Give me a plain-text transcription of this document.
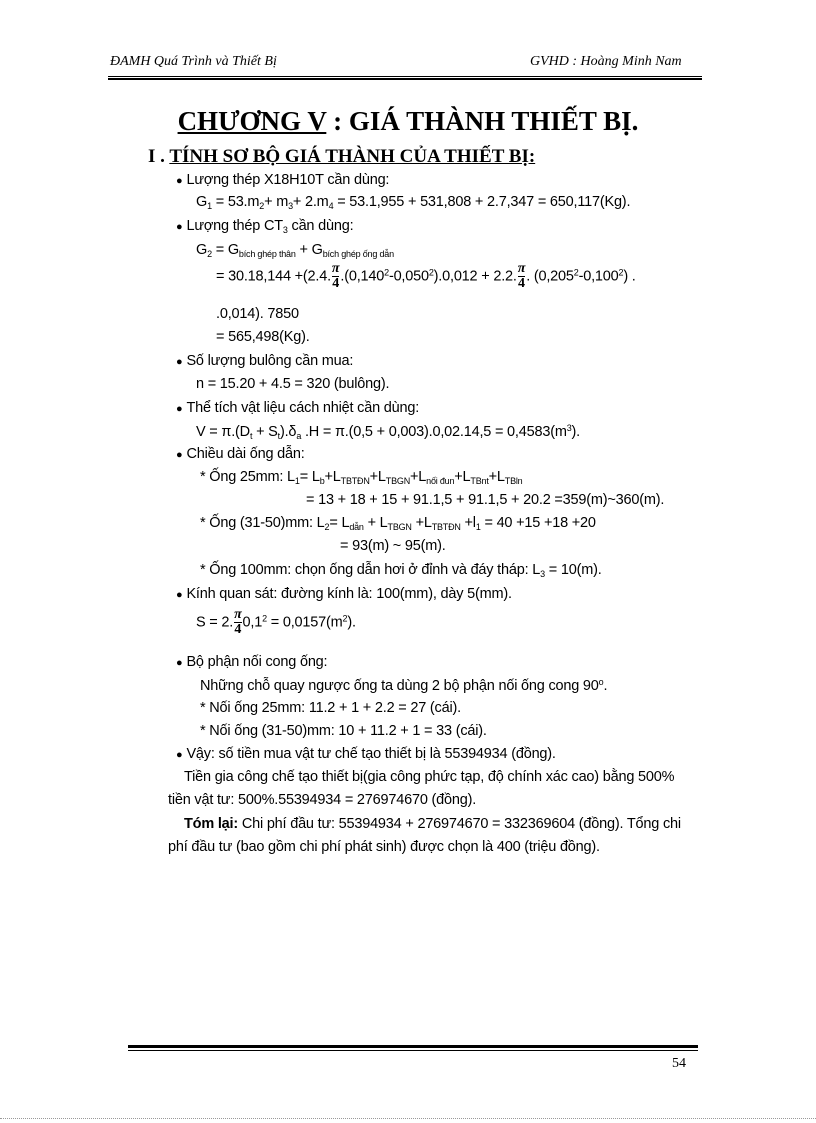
ĐAMH Quá Trình và Thiết Bị	GVHD : Hoàng Minh Nam
CHƯƠNG V : GIÁ THÀNH THIẾT BỊ.
I . TÍNH SƠ BỘ GIÁ THÀNH CỦA THIẾT BỊ:
● Lượng thép X18H10T cần dùng:
$G_1 = 53.m_2+ m_3+ 2.m_4 = 53.1,955 + 531,808 + 2.7,347 = 650,117(Kg)$.
● Lượng thép $CT_3$ cần dùng:
$G_2 = G_{bích ghép thân} + G_{bích ghép ống dẫn}$
= 30.18,144 +(2.4. $\frac{\pi}{4} .(0,140^2-0,050^2).0,012 + 2.2$. $\frac{\pi}{4}$ . (0,205$^2$-0,100$^2$) .
.0,014). 7850
= 565,498(Kg).
● Số lượng bulông cần mua:
n = 15.20 + 4.5 = 320 (bulông).
● Thể tích vật liệu cách nhiệt cần dùng:
$V = \pi.(D_t + S_t).\delta_a$ $.H = \pi.(0,5 + 0,003).0,02.14,5 = 0,4583(m^3)$.
● Chiều dài ống dẫn:
* Ống 25mm: $L_1= L_b+L_{TBTĐN}+L_{TBGN}+L_{nối đun}+L_{TBnt}+L_{TBln}$
= 13 + 18 + 15 + 91.1,5 + 91.1,5 + 20.2 =359(m)~360(m).
* Ống (31-50)mm: $L_2= L_{dẫn} + L_{TBGN} +L_{TBTĐN} +l_1 = 40 +15 +18 +20$
= 93(m) ~ 95(m).
* Ống 100mm: chọn ống dẫn hơi ở đỉnh và đáy tháp: $L_3 = 10(m)$.
● Kính quan sát: đường kính là: 100(mm), dày 5(mm).
S = 2. $\frac{\pi}{4} 0,1^2 = 0,0157(m^2)$.
● Bộ phận nối cong ống:
Những chỗ quay ngược ống ta dùng 2 bộ phận nối ống cong 90$^o$.
* Nối ống 25mm: 11.2 + 1 + 2.2 = 27 (cái).
* Nối ống (31-50)mm: 10 + 11.2 + 1 = 33 (cái).
● Vậy: số tiền mua vật tư chế tạo thiết bị là 55394934 (đồng).
Tiền gia công chế tạo thiết bị(gia công phức tạp, độ chính xác cao) bằng 500%
tiền vật tư: 500%.55394934 = 276974670 (đồng).
Tóm lại: Chi phí đầu tư: 55394934 + 276974670 = 332369604 (đồng). Tổng chi
phí đầu tư (bao gồm chi phí phát sinh) được chọn là 400 (triệu đồng).
54
